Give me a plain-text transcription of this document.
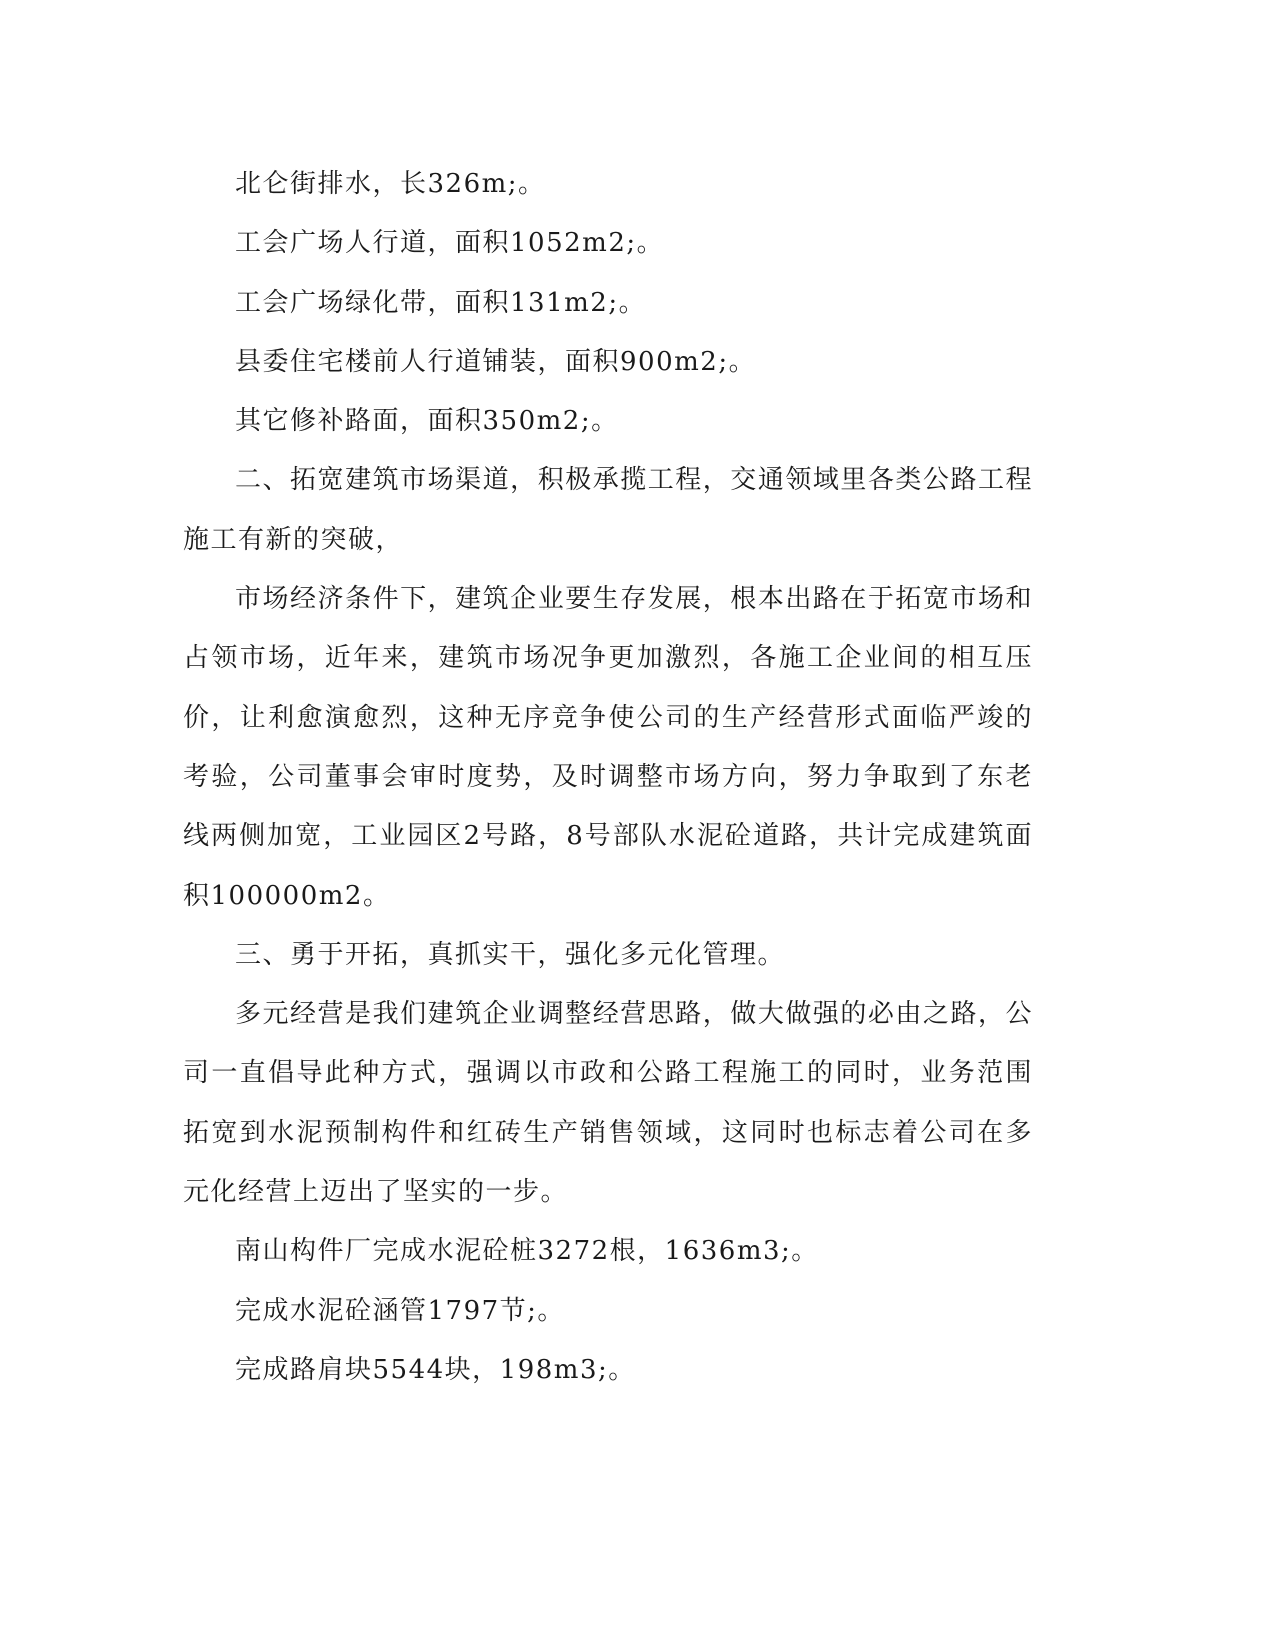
北仑街排水，长326m;。

工会广场人行道，面积1052m2;。

工会广场绿化带，面积131m2;。

县委住宅楼前人行道铺装，面积900m2;。

其它修补路面，面积350m2;。

二、拓宽建筑市场渠道，积极承揽工程，交通领域里各类公路工程施工有新的突破，

市场经济条件下，建筑企业要生存发展，根本出路在于拓宽市场和占领市场，近年来，建筑市场况争更加激烈，各施工企业间的相互压价，让利愈演愈烈，这种无序竞争使公司的生产经营形式面临严竣的考验，公司董事会审时度势，及时调整市场方向，努力争取到了东老线两侧加宽，工业园区2号路，8号部队水泥砼道路，共计完成建筑面积100000m2。

三、勇于开拓，真抓实干，强化多元化管理。

多元经营是我们建筑企业调整经营思路，做大做强的必由之路，公司一直倡导此种方式，强调以市政和公路工程施工的同时，业务范围拓宽到水泥预制构件和红砖生产销售领域，这同时也标志着公司在多元化经营上迈出了坚实的一步。

南山构件厂完成水泥砼桩3272根，1636m3;。

完成水泥砼涵管1797节;。

完成路肩块5544块，198m3;。
